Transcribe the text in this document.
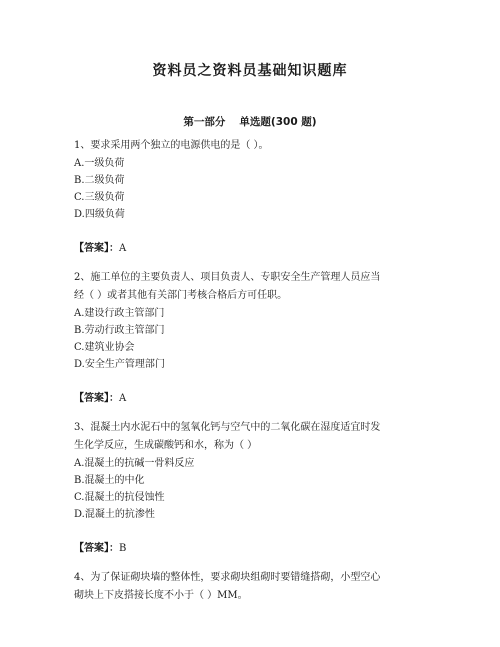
资料员之资料员基础知识题库
第一部分 单选题(300 题)
1、要求采用两个独立的电源供电的是（ ）。
A.一级负荷
B.二级负荷
C.三级负荷
D.四级负荷
【答案】：A
2、施工单位的主要负责人、项目负责人、专职安全生产管理人员应当
经（ ）或者其他有关部门考核合格后方可任职。
A.建设行政主管部门
B.劳动行政主管部门
C.建筑业协会
D.安全生产管理部门
【答案】：A
3、混凝土内水泥石中的氢氧化钙与空气中的二氧化碳在湿度适宜时发
生化学反应，生成碳酸钙和水，称为（ ）
A.混凝土的抗碱一骨料反应
B.混凝土的中化
C.混凝土的抗侵蚀性
D.混凝土的抗渗性
【答案】：B
4、为了保证砌块墙的整体性，要求砌块组砌时要错缝搭砌，小型空心
砌块上下皮搭接长度不小于（ ）MM。
